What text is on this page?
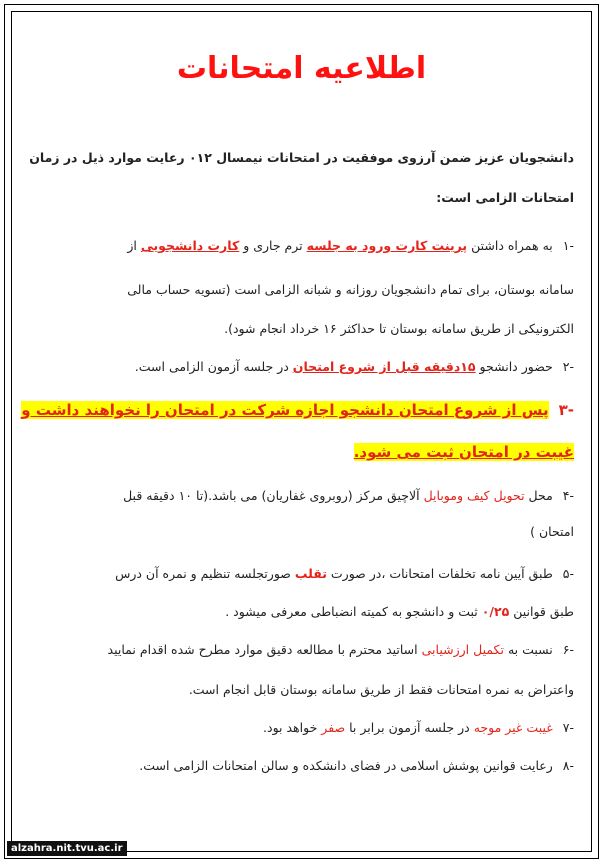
اطلاعیه امتحانات
دانشجویان عزیز ضمن آرزوی موفقیت در امتحانات نیمسال ۰۱۲ رعایت موارد ذیل در زمان
امتحانات الزامی است:
-۱ به همراه داشتن پرینت کارت ورود به جلسه ترم جاری و کارت دانشجویی از
سامانه بوستان، برای تمام دانشجویان روزانه و شبانه الزامی است (تسویه حساب مالی
الکترونیکی از طریق سامانه بوستان تا حداکثر ۱۶ خرداد انجام شود).
-۲ حضور دانشجو ۱۵دقیقه قبل از شروع امتحان در جلسه آزمون الزامی است.
-۳ پس از شروع امتحان دانشجو اجازه شرکت در امتحان را نخواهند داشت و
غیبت در امتحان ثبت می شود.
-۴ محل تحویل کیف وموبایل آلاچیق مرکز (روبروی غفاریان) می باشد.(تا ۱۰ دقیقه قبل
امتحان )
-۵ طبق آیین نامه تخلفات امتحانات ،در صورت تقلب صورتجلسه تنظیم و نمره آن درس
طبق قوانین ۰/۲۵ ثبت و دانشجو به کمیته انضباطی معرفی میشود .
-۶ نسبت به تکمیل ارزشیابی اساتید محترم با مطالعه دقیق موارد مطرح شده اقدام نمایید
واعتراض به نمره امتحانات فقط از طریق سامانه بوستان قابل انجام است.
-۷ غیبت غیر موجه در جلسه آزمون برابر با صفر خواهد بود.
-۸ رعایت قوانین پوشش اسلامی در فضای دانشکده و سالن امتحانات الزامی است.
alzahra.nit.tvu.ac.ir
